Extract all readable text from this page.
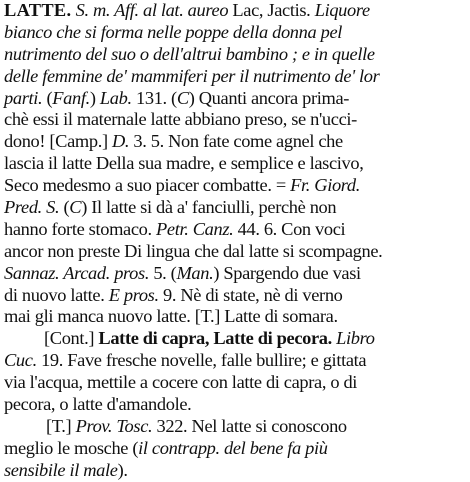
LATTE. S. m. Aff. al lat. aureo Lac, Jactis. Liquore
bianco che si forma nelle poppe della donna pel
nutrimento del suo o dell'altrui bambino ; e in quelle
delle femmine de' mammiferi per il nutrimento de' lor
parti. (Fanf.) Lab. 131. (C) Quanti ancora prima-
chè essi il maternale latte abbiano preso, se n'ucci-
dono! [Camp.] D. 3. 5. Non fate come agnel che
lascia il latte Della sua madre, e semplice e lascivo,
Seco medesmo a suo piacer combatte. = Fr. Giord.
Pred. S. (C) Il latte si dà a' fanciulli, perchè non
hanno forte stomaco. Petr. Canz. 44. 6. Con voci
ancor non preste Di lingua che dal latte si scompagne.
Sannaz. Arcad. pros. 5. (Man.) Spargendo due vasi
di nuovo latte. E pros. 9. Nè di state, nè di verno
mai gli manca nuovo latte. [T.] Latte di somara.
[Cont.] Latte di capra, Latte di pecora. Libro
Cuc. 19. Fave fresche novelle, falle bullire; e gittata
via l'acqua, mettile a cocere con latte di capra, o di
pecora, o latte d'amandole.
[T.] Prov. Tosc. 322. Nel latte si conoscono
meglio le mosche (il contrapp. del bene fa più
sensibile il male).
